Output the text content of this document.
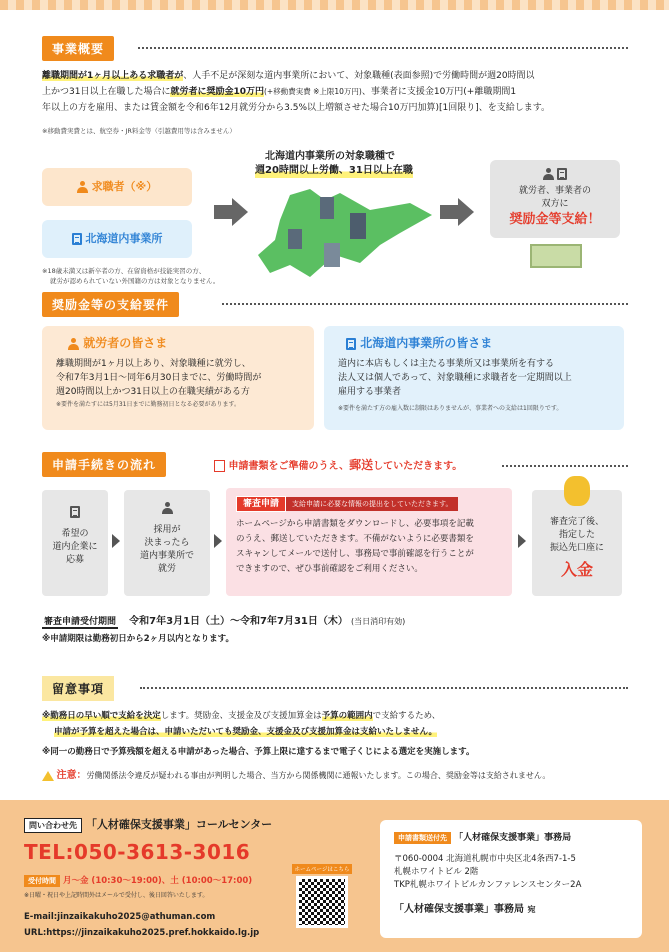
事業概要
離職期間が1ヶ月以上ある求職者が、人手不足が深刻な道内事業所において、対象職種(表面参照)で労働時間が週20時間以
上かつ31日以上在職した場合に就労者に奨励金10万円(+移動費実費 ※上限10万円)、事業者に支援金10万円(+離職期間1
年以上の方を雇用、または賃金額を令和6年12月就労分から3.5%以上増額させた場合10万円加算)[1回限り]、を支給します。
※移動費実費とは、航空券・JR料金等（引越費用等は含みません）
求職者（※）
北海道内事業所
※18歳未満又は新卒者の方、在留資格が技能実習の方、
就労が認められていない外国籍の方は対象となりません。
北海道内事業所の対象職種で
週20時間以上労働、31日以上在職

就労者、事業者の
双方に
奨励金等支給！
奨励金等の支給要件
就労者の皆さま
離職期間が1ヶ月以上あり、対象職種に就労し、
令和7年3月1日～同年6月30日までに、労働時間が
週20時間以上かつ31日以上の在職実績がある方
※要件を満たすには5月31日までに勤務初日となる必要があります。
北海道内事業所の皆さま
道内に本店もしくは主たる事業所又は事業所を有する
法人又は個人であって、対象職種に求職者を一定期間以上
雇用する事業者
※要件を満たす方の雇入数に制限はありませんが、事業者への支給は1回限りです。
申請手続きの流れ	申請書類をご準備のうえ、郵送していただきます。
希望の
道内企業に
応募
採用が
決まったら
道内事業所で
就労
審査申請 支給申請に必要な情報の提出をしていただきます。
ホームページから申請書類をダウンロードし、必要事項を記載
のうえ、郵送していただきます。不備がないように必要書類を
スキャンしてメールで送付し、事務局で事前確認を行うことが
できますので、ぜひ事前確認をご利用ください。
審査完了後、
指定した
振込先口座に
入金
審査申請受付期間 令和7年3月1日（土）～令和7年7月31日（木） (当日消印有効)
※申請期限は勤務初日から2ヶ月以内となります。
留意事項
※勤務日の早い順で支給を決定します。奨励金、支援金及び支援加算金は予算の範囲内で支給するため、
申請が予算を超えた場合は、申請いただいても奨励金、支援金及び支援加算金は支給いたしません。
※同一の勤務日で予算残額を超える申請があった場合、予算上限に達するまで電子くじによる選定を実施します。
注意：労働関係法令違反が疑われる事由が判明した場合、当方から関係機関に通報いたします。この場合、奨励金等は支給されません。
問い合わせ先 「人材確保支援事業」コールセンター
TEL:050-3613-3016
受付時間 月～金 (10:30～19:00)、土 (10:00～17:00)
※日曜・祝日や上記時間外はメールで受付し、後日回答いたします。
E-mail:jinzaikakuho2025@athuman.com
URL:https://jinzaikakuho2025.pref.hokkaido.lg.jp
ホームページはこちら
申請書類送付先 「人材確保支援事業」事務局
〒060-0004 北海道札幌市中央区北4条西7-1-5
札幌ホワイトビル 2階
TKP札幌ホワイトビルカンファレンスセンター2A
「人材確保支援事業」事務局 宛
